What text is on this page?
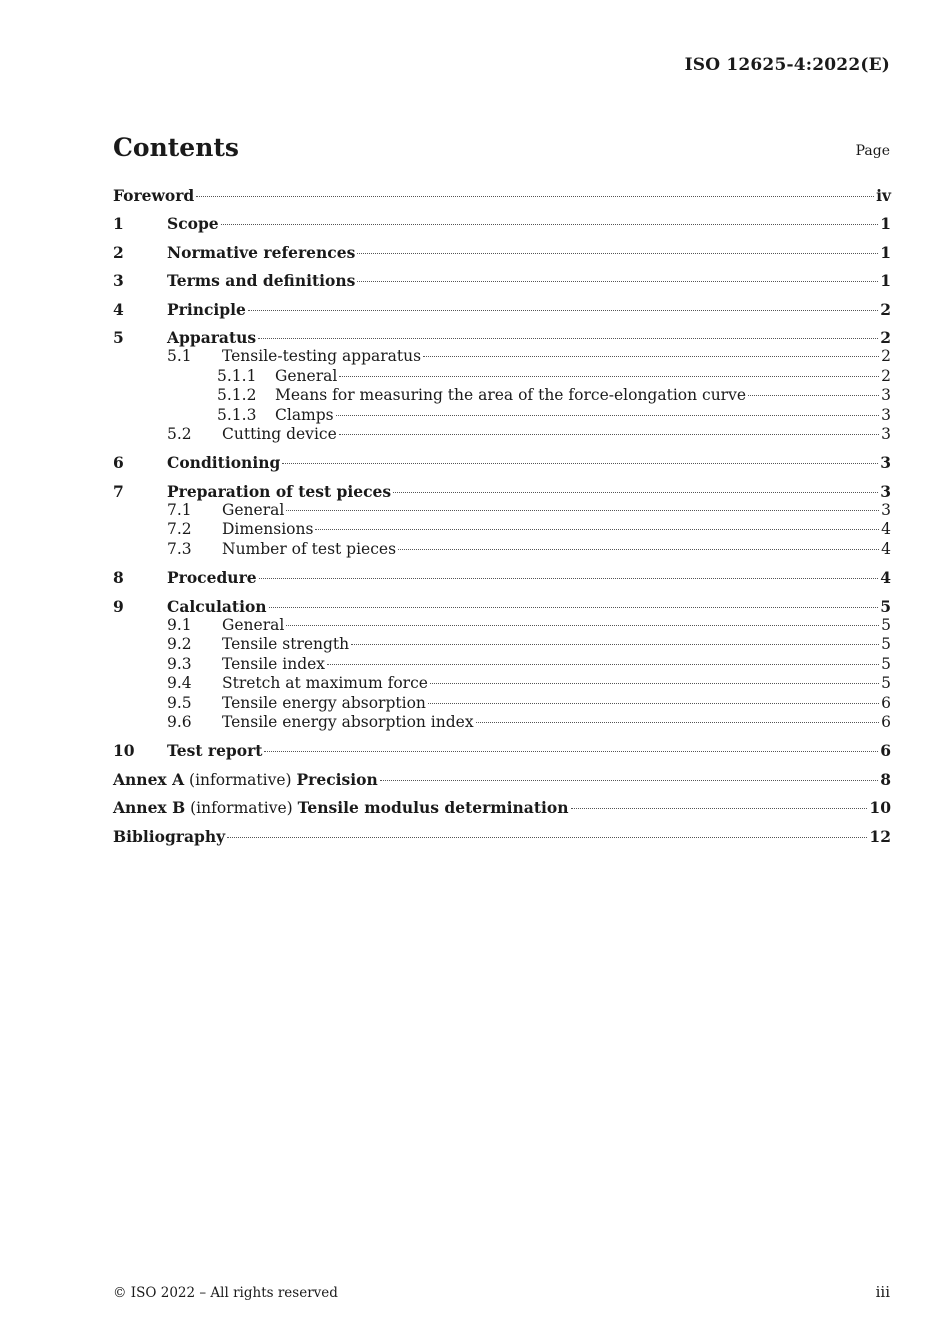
ISO 12625-4:2022(E)
Contents	Page
Foreword	iv
1	Scope	1
2	Normative references	1
3	Terms and definitions	1
4	Principle	2
5	Apparatus	2
5.1	Tensile-testing apparatus	2
5.1.1	General	2
5.1.2	Means for measuring the area of the force-elongation curve	3
5.1.3	Clamps	3
5.2	Cutting device	3
6	Conditioning	3
7	Preparation of test pieces	3
7.1	General	3
7.2	Dimensions	4
7.3	Number of test pieces	4
8	Procedure	4
9	Calculation	5
9.1	General	5
9.2	Tensile strength	5
9.3	Tensile index	5
9.4	Stretch at maximum force	5
9.5	Tensile energy absorption	6
9.6	Tensile energy absorption index	6
10	Test report	6
Annex A (informative) Precision	8
Annex B (informative) Tensile modulus determination	10
Bibliography	12
© ISO 2022 – All rights reserved	iii
